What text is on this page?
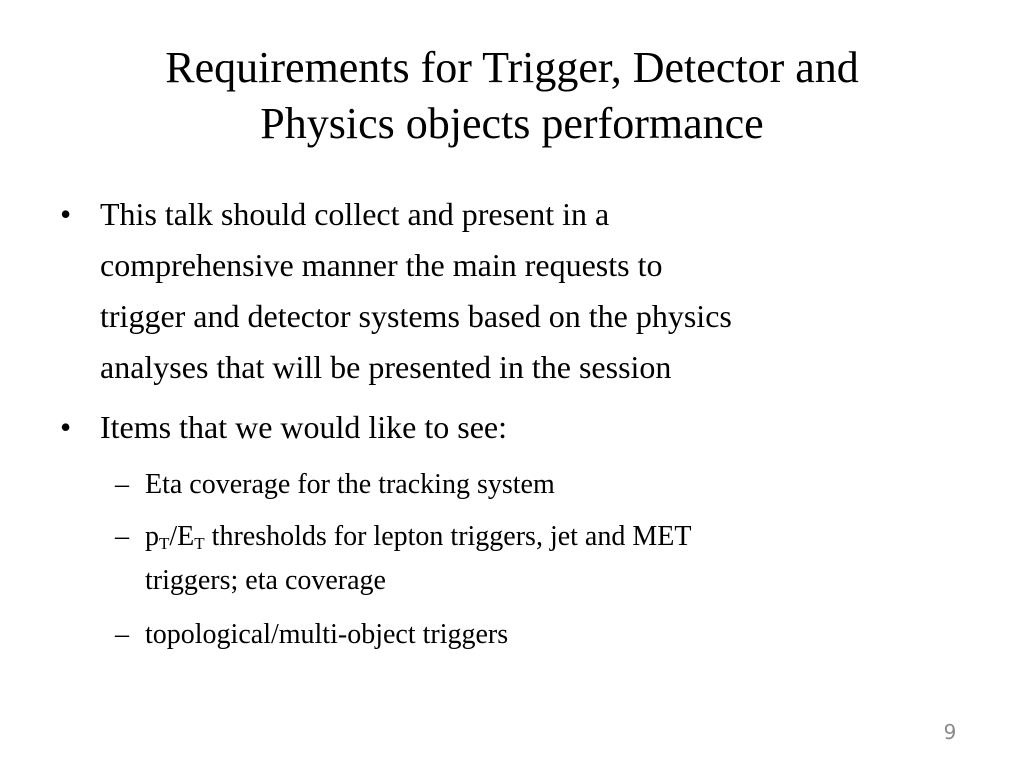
Requirements for Trigger, Detector and
Physics objects performance
• This talk should collect and present in a
comprehensive manner the main requests to
trigger and detector systems based on the physics
analyses that will be presented in the session
• Items that we would like to see:
– Eta coverage for the tracking system
– $p_T/E_T$ thresholds for lepton triggers, jet and MET
triggers; eta coverage
– topological/multi-object triggers
9
